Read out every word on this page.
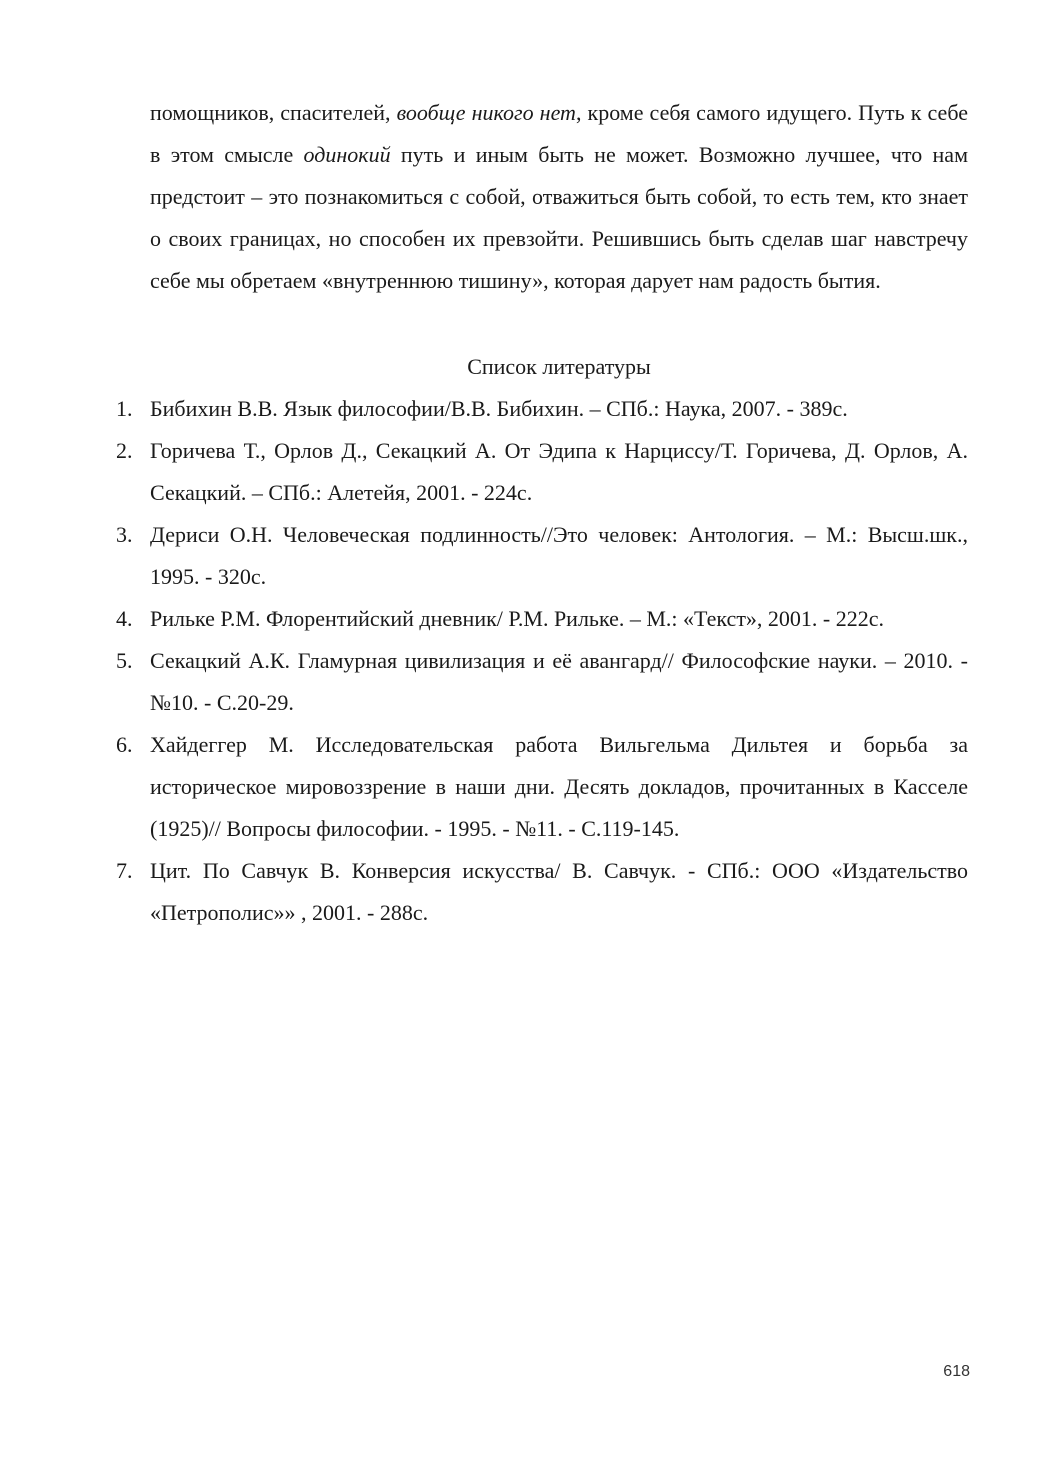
помощников, спасителей, вообще никого нет, кроме себя самого идущего. Путь к себе в этом смысле одинокий путь и иным быть не может. Возможно лучшее, что нам предстоит – это познакомиться с собой, отважиться быть собой, то есть тем, кто знает о своих границах, но способен их превзойти. Решившись быть сделав шаг навстречу себе мы обретаем «внутреннюю тишину», которая дарует нам радость бытия.

Список литературы
1. Бибихин В.В. Язык философии/В.В. Бибихин. – СПб.: Наука, 2007. - 389с.
2. Горичева Т., Орлов Д., Секацкий А. От Эдипа к Нарциссу/Т. Горичева, Д. Орлов, А. Секацкий. – СПб.: Алетейя, 2001. - 224с.
3. Дериси О.Н. Человеческая подлинность//Это человек: Антология. – М.: Высш.шк., 1995. - 320с.
4. Рильке Р.М. Флорентийский дневник/ Р.М. Рильке. – М.: «Текст», 2001. - 222с.
5. Секацкий А.К. Гламурная цивилизация и её авангард// Философские науки. – 2010. - №10. - С.20-29.
6. Хайдеггер М. Исследовательская работа Вильгельма Дильтея и борьба за историческое мировоззрение в наши дни. Десять докладов, прочитанных в Касселе (1925)// Вопросы философии. - 1995. - №11. - С.119-145.
7. Цит. По Савчук В. Конверсия искусства/ В. Савчук. - СПб.: ООО «Издательство «Петрополис»» , 2001. - 288с.
618
